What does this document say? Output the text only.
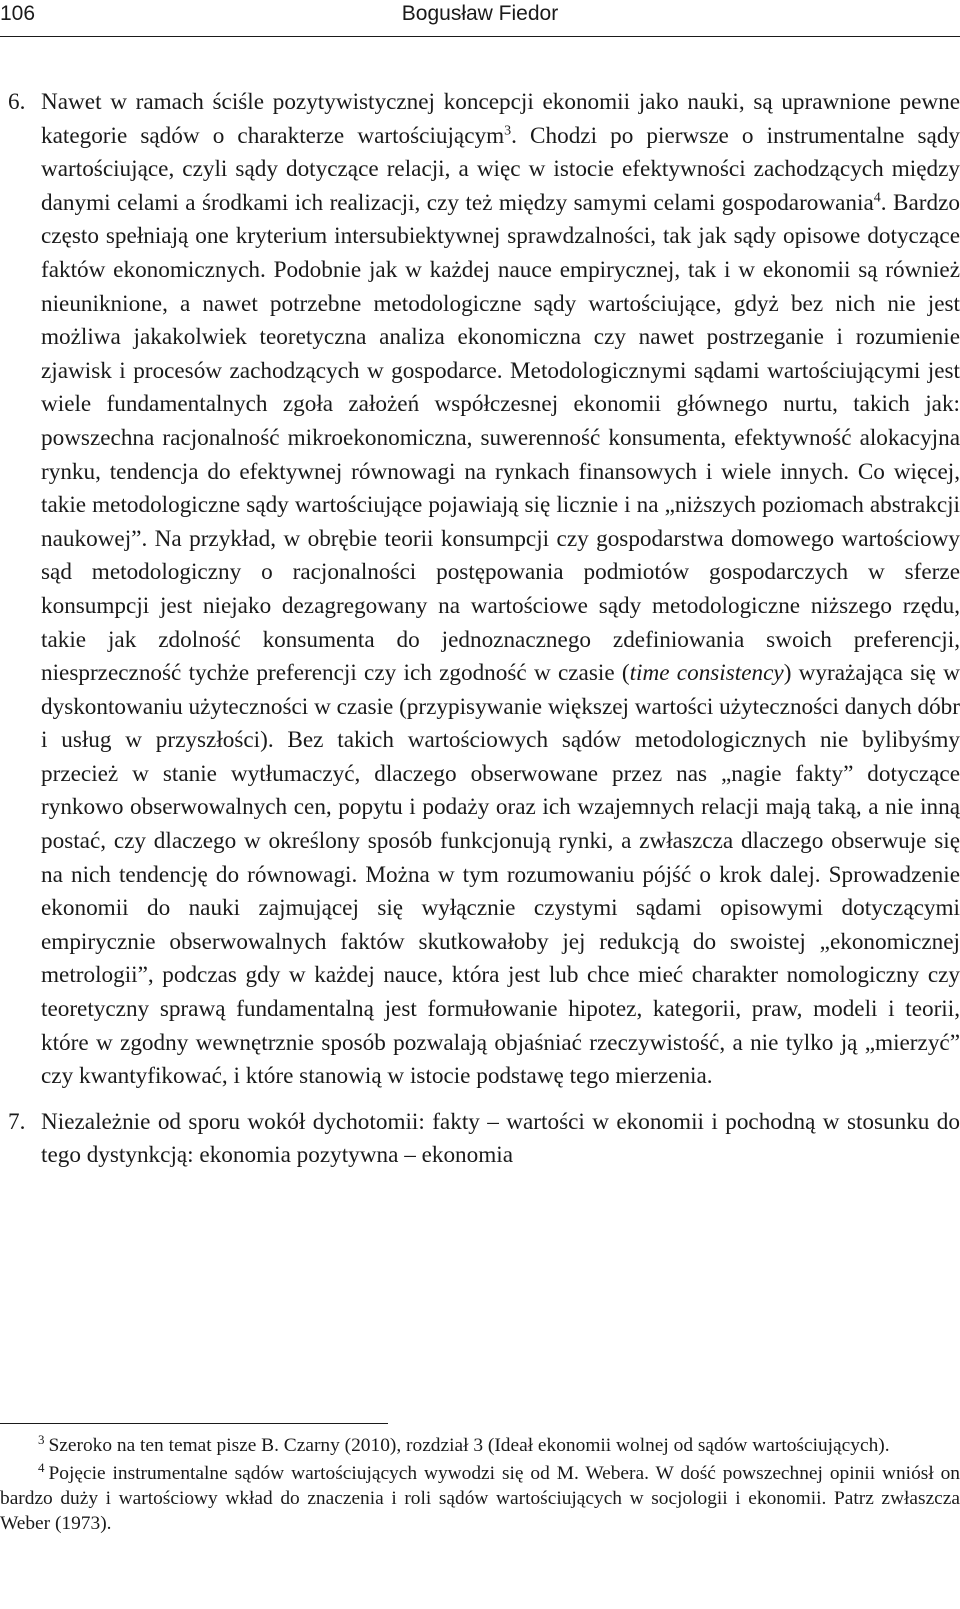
106	Bogusław Fiedor

6. Nawet w ramach ściśle pozytywistycznej koncepcji ekonomii jako nauki, są uprawnione pewne kategorie sądów o charakterze wartościującym$^3$. Chodzi po pierwsze o instrumentalne sądy wartościujące, czyli sądy dotyczące relacji, a więc w istocie efektywności zachodzących między danymi celami a środkami ich realizacji, czy też między samymi celami gospodarowania$^4$. Bardzo często spełniają one kryterium intersubiektywnej sprawdzalności, tak jak sądy opisowe dotyczące faktów ekonomicznych. Podobnie jak w każdej nauce empirycznej, tak i w ekonomii są również nieuniknione, a nawet potrzebne metodologiczne sądy wartościujące, gdyż bez nich nie jest możliwa jakakolwiek teoretyczna analiza ekonomiczna czy nawet postrzeganie i rozumienie zjawisk i procesów zachodzących w gospodarce. Metodologicznymi sądami wartościującymi jest wiele fundamentalnych zgoła założeń współczesnej ekonomii głównego nurtu, takich jak: powszechna racjonalność mikroekonomiczna, suwerenność konsumenta, efektywność alokacyjna rynku, tendencja do efektywnej równowagi na rynkach finansowych i wiele innych. Co więcej, takie metodologiczne sądy wartościujące pojawiają się licznie i na „niższych poziomach abstrakcji naukowej”. Na przykład, w obrębie teorii konsumpcji czy gospodarstwa domowego wartościowy sąd metodologiczny o racjonalności postępowania podmiotów gospodarczych w sferze konsumpcji jest niejako dezagregowany na wartościowe sądy metodologiczne niższego rzędu, takie jak zdolność konsumenta do jednoznacznego zdefiniowania swoich preferencji, niesprzeczność tychże preferencji czy ich zgodność w czasie (time consistency) wyrażająca się w dyskontowaniu użyteczności w czasie (przypisywanie większej wartości użyteczności danych dóbr i usług w przyszłości). Bez takich wartościowych sądów metodologicznych nie bylibyśmy przecież w stanie wytłumaczyć, dlaczego obserwowane przez nas „nagie fakty” dotyczące rynkowo obserwowalnych cen, popytu i podaży oraz ich wzajemnych relacji mają taką, a nie inną postać, czy dlaczego w określony sposób funkcjonują rynki, a zwłaszcza dlaczego obserwuje się na nich tendencję do równowagi. Można w tym rozumowaniu pójść o krok dalej. Sprowadzenie ekonomii do nauki zajmującej się wyłącznie czystymi sądami opisowymi dotyczącymi empirycznie obserwowalnych faktów skutkowałoby jej redukcją do swoistej „ekonomicznej metrologii”, podczas gdy w każdej nauce, która jest lub chce mieć charakter nomologiczny czy teoretyczny sprawą fundamentalną jest formułowanie hipotez, kategorii, praw, modeli i teorii, które w zgodny wewnętrznie sposób pozwalają objaśniać rzeczywistość, a nie tylko ją „mierzyć” czy kwantyfikować, i które stanowią w istocie podstawę tego mierzenia.

7. Niezależnie od sporu wokół dychotomii: fakty – wartości w ekonomii i pochodną w stosunku do tego dystynkcją: ekonomia pozytywna – ekonomia

$^3$ Szeroko na ten temat pisze B. Czarny (2010), rozdział 3 (Ideał ekonomii wolnej od sądów wartościujących).

$^4$ Pojęcie instrumentalne sądów wartościujących wywodzi się od M. Webera. W dość powszechnej opinii wniósł on bardzo duży i wartościowy wkład do znaczenia i roli sądów wartościujących w socjologii i ekonomii. Patrz zwłaszcza Weber (1973).
